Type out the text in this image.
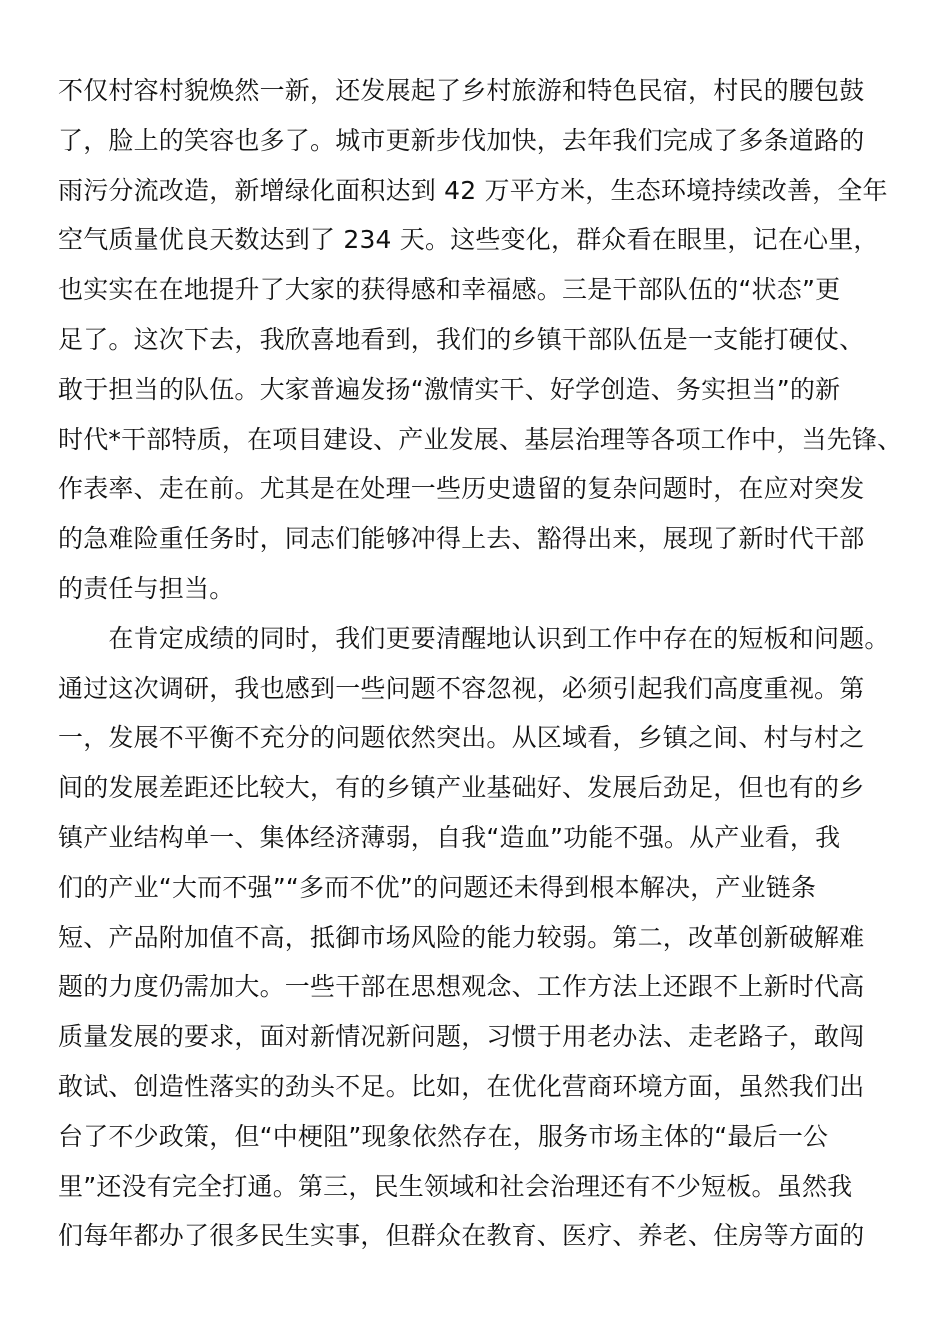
不仅村容村貌焕然一新，还发展起了乡村旅游和特色民宿，村民的腰包鼓
了，脸上的笑容也多了。城市更新步伐加快，去年我们完成了多条道路的
雨污分流改造，新增绿化面积达到 42 万平方米，生态环境持续改善，全年
空气质量优良天数达到了 234 天。这些变化，群众看在眼里，记在心里，
也实实在在地提升了大家的获得感和幸福感。三是干部队伍的“状态”更
足了。这次下去，我欣喜地看到，我们的乡镇干部队伍是一支能打硬仗、
敢于担当的队伍。大家普遍发扬“激情实干、好学创造、务实担当”的新
时代*干部特质，在项目建设、产业发展、基层治理等各项工作中，当先锋、
作表率、走在前。尤其是在处理一些历史遗留的复杂问题时，在应对突发
的急难险重任务时，同志们能够冲得上去、豁得出来，展现了新时代干部
的责任与担当。
　　在肯定成绩的同时，我们更要清醒地认识到工作中存在的短板和问题。
通过这次调研，我也感到一些问题不容忽视，必须引起我们高度重视。第
一，发展不平衡不充分的问题依然突出。从区域看，乡镇之间、村与村之
间的发展差距还比较大，有的乡镇产业基础好、发展后劲足，但也有的乡
镇产业结构单一、集体经济薄弱，自我“造血”功能不强。从产业看，我
们的产业“大而不强”“多而不优”的问题还未得到根本解决，产业链条
短、产品附加值不高，抵御市场风险的能力较弱。第二，改革创新破解难
题的力度仍需加大。一些干部在思想观念、工作方法上还跟不上新时代高
质量发展的要求，面对新情况新问题，习惯于用老办法、走老路子，敢闯
敢试、创造性落实的劲头不足。比如，在优化营商环境方面，虽然我们出
台了不少政策，但“中梗阻”现象依然存在，服务市场主体的“最后一公
里”还没有完全打通。第三，民生领域和社会治理还有不少短板。虽然我
们每年都办了很多民生实事，但群众在教育、医疗、养老、住房等方面的
